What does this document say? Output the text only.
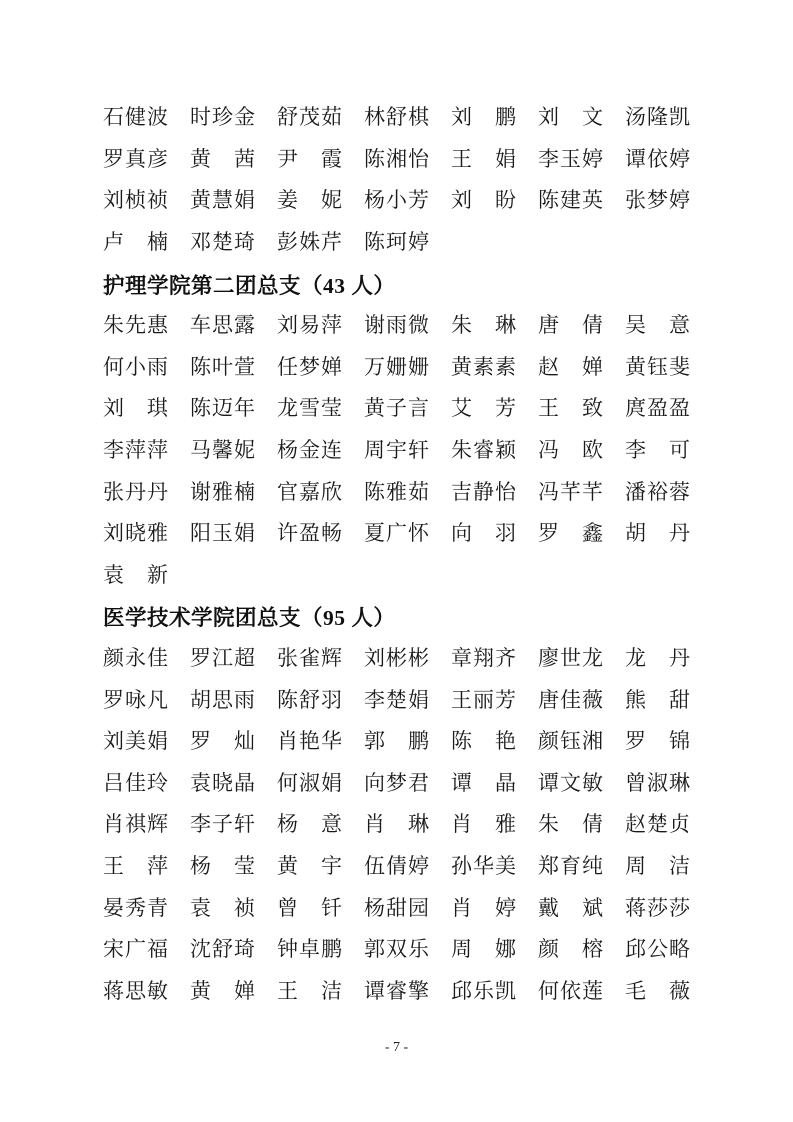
石健波 时珍金 舒茂茹 林舒棋 刘鹏 刘文 汤隆凯
罗真彦 黄茜 尹霞 陈湘怡 王娟 李玉婷 谭依婷
刘桢祯 黄慧娟 姜妮 杨小芳 刘盼 陈建英 张梦婷
卢楠 邓楚琦 彭姝芹 陈珂婷
护理学院第二团总支（43 人）
朱先惠 车思露 刘易萍 谢雨微 朱琳 唐倩 吴意
何小雨 陈叶萱 任梦婵 万姗姗 黄素素 赵婵 黄钰斐
刘琪 陈迈年 龙雪莹 黄子言 艾芳 王致 庹盈盈
李萍萍 马馨妮 杨金连 周宇轩 朱睿颖 冯欧 李可
张丹丹 谢雅楠 官嘉欣 陈雅茹 吉静怡 冯芊芊 潘裕蓉
刘晓雅 阳玉娟 许盈畅 夏广怀 向羽 罗鑫 胡丹
袁新
医学技术学院团总支（95 人）
颜永佳 罗江超 张雀辉 刘彬彬 章翔齐 廖世龙 龙丹
罗咏凡 胡思雨 陈舒羽 李楚娟 王丽芳 唐佳薇 熊甜
刘美娟 罗灿 肖艳华 郭鹏 陈艳 颜钰湘 罗锦
吕佳玲 袁晓晶 何淑娟 向梦君 谭晶 谭文敏 曾淑琳
肖祺辉 李子轩 杨意 肖琳 肖雅 朱倩 赵楚贞
王萍 杨莹 黄宇 伍倩婷 孙华美 郑育纯 周洁
晏秀青 袁祯 曾钎 杨甜园 肖婷 戴斌 蒋莎莎
宋广福 沈舒琦 钟卓鹏 郭双乐 周娜 颜榕 邱公略
蒋思敏 黄婵 王洁 谭睿擎 邱乐凯 何依莲 毛薇
- 7 -
